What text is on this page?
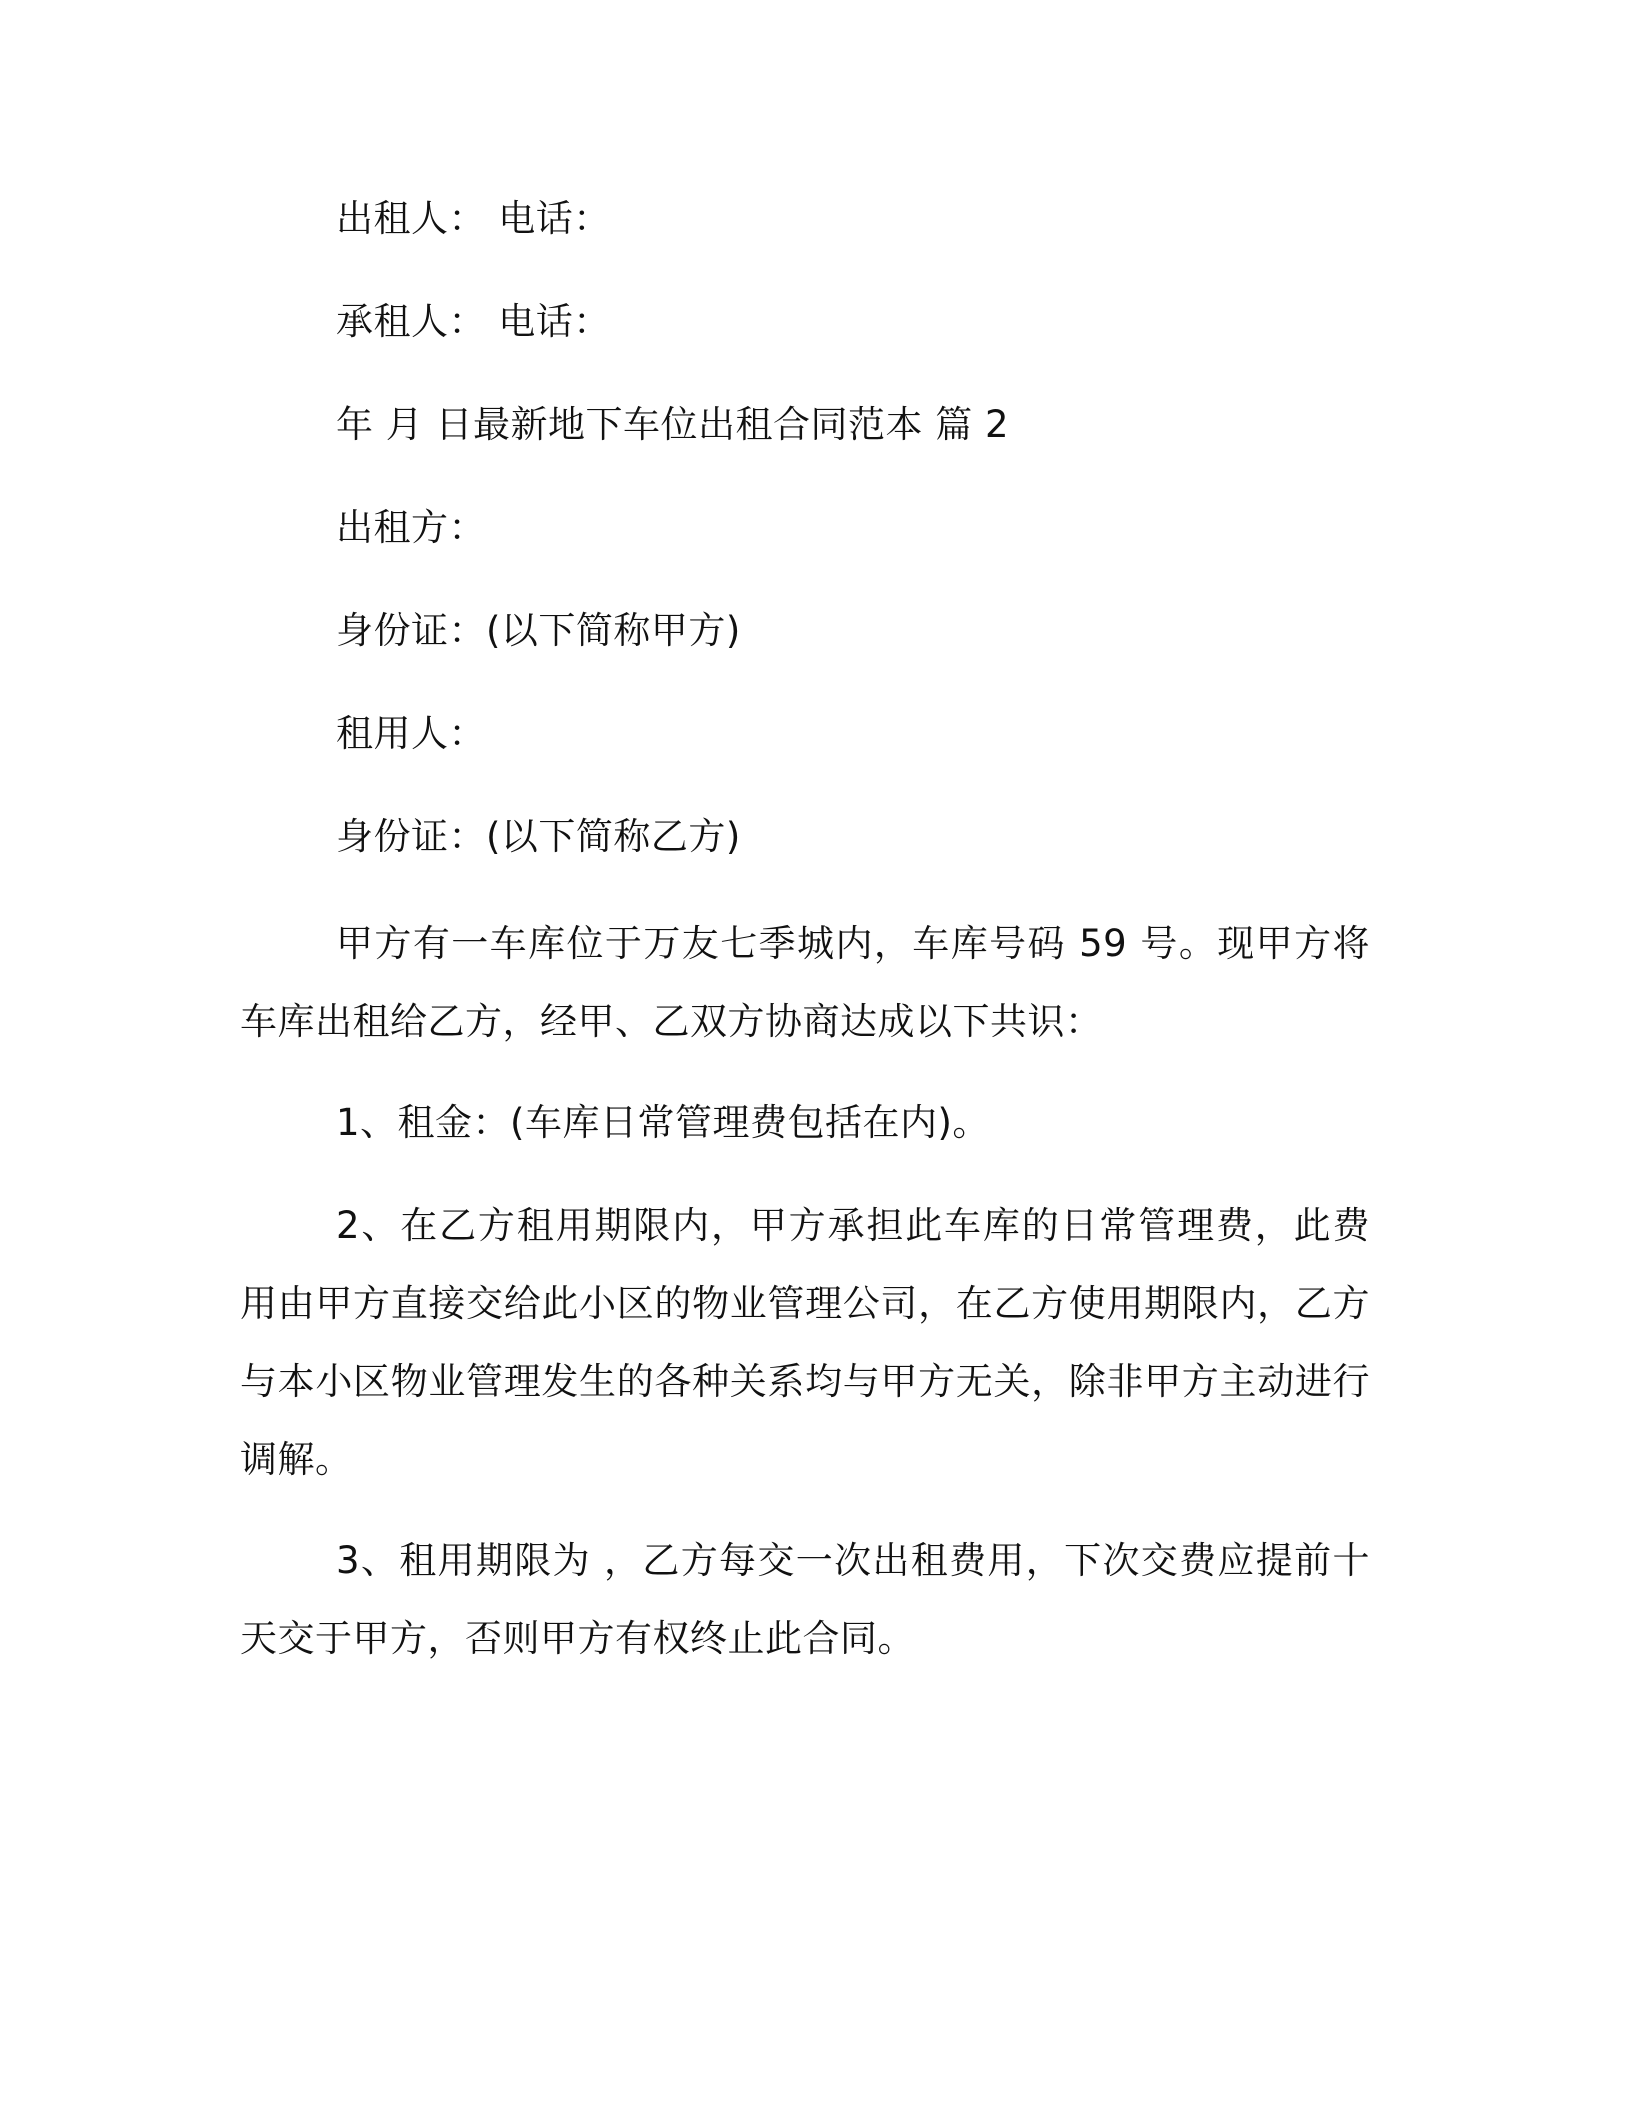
出租人： 电话：
承租人： 电话：
年 月 日最新地下车位出租合同范本 篇 2
出租方：
身份证：(以下简称甲方)
租用人：
身份证：(以下简称乙方)
甲方有一车库位于万友七季城内，车库号码 59 号。现甲方将车库出租给乙方，经甲、乙双方协商达成以下共识：
1、租金：(车库日常管理费包括在内)。
2、在乙方租用期限内，甲方承担此车库的日常管理费，此费用由甲方直接交给此小区的物业管理公司，在乙方使用期限内，乙方与本小区物业管理发生的各种关系均与甲方无关，除非甲方主动进行调解。
3、租用期限为 ，乙方每交一次出租费用，下次交费应提前十天交于甲方，否则甲方有权终止此合同。
